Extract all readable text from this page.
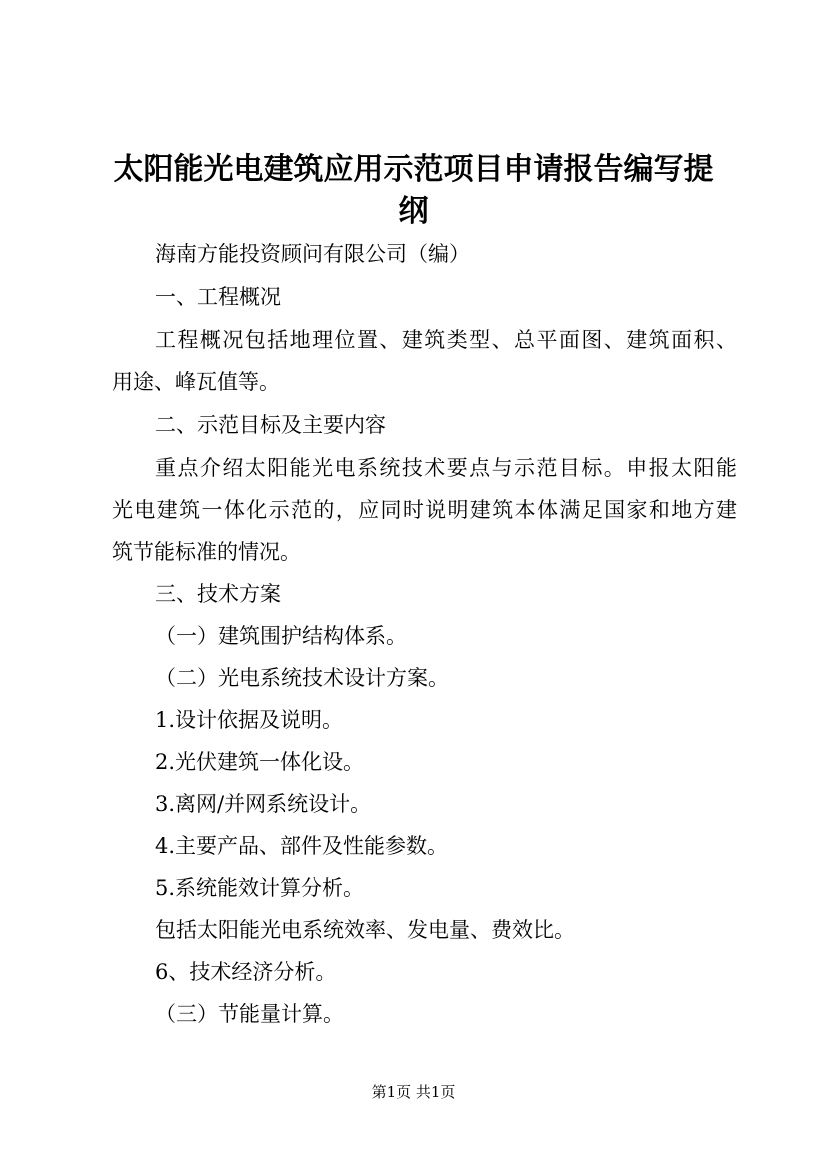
太阳能光电建筑应用示范项目申请报告编写提
纲

海南方能投资顾问有限公司（编）

一、工程概况

工程概况包括地理位置、建筑类型、总平面图、建筑面积、

用途、峰瓦值等。

二、示范目标及主要内容

重点介绍太阳能光电系统技术要点与示范目标。申报太阳能

光电建筑一体化示范的，应同时说明建筑本体满足国家和地方建

筑节能标准的情况。

三、技术方案

（一）建筑围护结构体系。

（二）光电系统技术设计方案。

1.设计依据及说明。

2.光伏建筑一体化设。

3.离网/并网系统设计。

4.主要产品、部件及性能参数。

5.系统能效计算分析。

包括太阳能光电系统效率、发电量、费效比。

6、技术经济分析。

（三）节能量计算。

第1页 共1页
